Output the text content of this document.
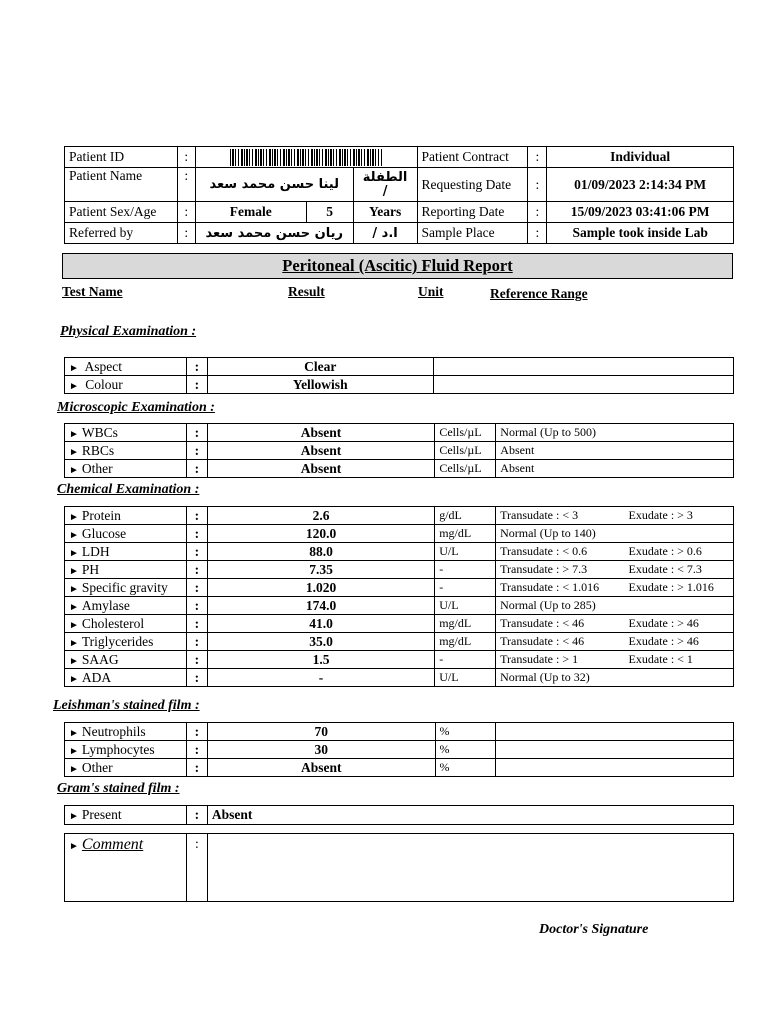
Patient ID	:				Patient Contract	:	Individual
Patient Name	:	لينا حسن محمد سعد		الطفلة
/	Requesting Date	:	01/09/2023 2:14:34 PM
Patient Sex/Age	:	Female	5	Years	Reporting Date	:	15/09/2023 03:41:06 PM
Referred by	:	ريان حسن محمد سعد		ا.د /	Sample Place	:	Sample took inside Lab
Peritoneal (Ascitic) Fluid Report
Test Name	Result	Unit	Reference Range
Physical Examination :
► Aspect	:	Clear	
► Colour	:	Yellowish	
Microscopic Examination :
► WBCs	:	Absent	Cells/µL	Normal (Up to 500)
► RBCs	:	Absent	Cells/µL	Absent
► Other	:	Absent	Cells/µL	Absent
Chemical Examination :
► Protein	:	2.6	g/dL	Transudate : < 3	Exudate : > 3
► Glucose	:	120.0	mg/dL	Normal (Up to 140)	
► LDH	:	88.0	U/L	Transudate : < 0.6	Exudate : > 0.6
► PH	:	7.35	-	Transudate : > 7.3	Exudate : < 7.3
► Specific gravity	:	1.020	-	Transudate : < 1.016	Exudate : > 1.016
► Amylase	:	174.0	U/L	Normal (Up to 285)	
► Cholesterol	:	41.0	mg/dL	Transudate : < 46	Exudate : > 46
► Triglycerides	:	35.0	mg/dL	Transudate : < 46	Exudate : > 46
► SAAG	:	1.5	-	Transudate : > 1	Exudate : < 1
► ADA	:	-	U/L	Normal (Up to 32)	
Leishman's stained film :
► Neutrophils	:	70	%	
► Lymphocytes	:	30	%	
► Other	:	Absent	%	
Gram's stained film :
► Present	:	Absent
► Comment	:	
Doctor's Signature
